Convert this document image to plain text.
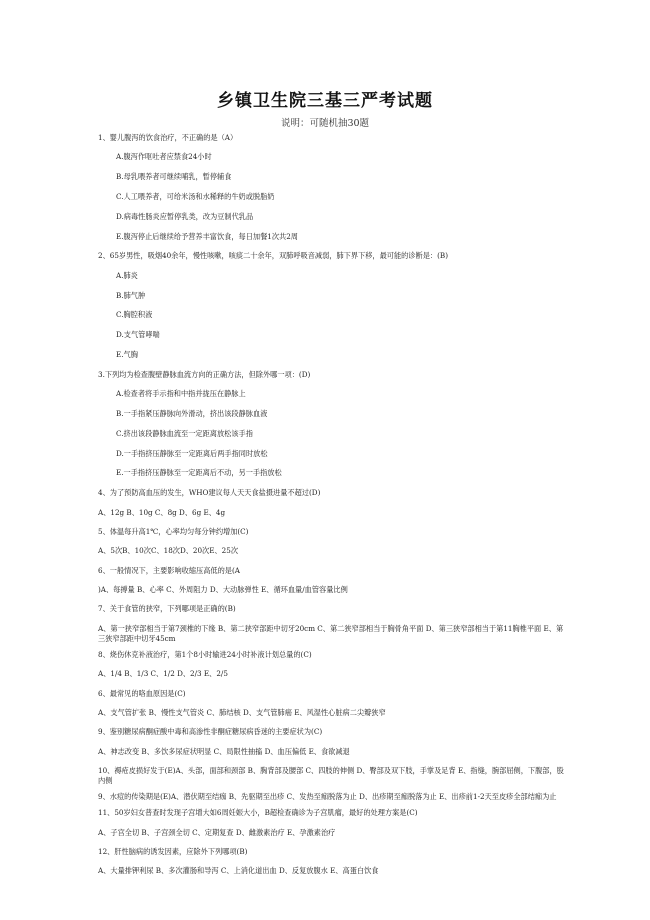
乡镇卫生院三基三严考试题
说明：可随机抽30题
1、婴儿腹泻的饮食治疗，不正确的是（A）
A.腹泻作呕吐者应禁食24小时
B.母乳喂养者可继续哺乳，暂停辅食
C.人工喂养者，可给米汤和水稀释的牛奶或脱脂奶
D.病毒性肠炎应暂停乳类，改为豆制代乳品
E.腹泻停止后继续给予营养丰富饮食，每日加餐1次共2周
2、65岁男性，吸烟40余年，慢性咳嗽，咳痰二十余年，双肺呼吸音减弱，肺下界下移，最可能的诊断是：(B)
A.肺炎
B.肺气肿
C.胸腔积液
D.支气管哮喘
E.气胸
3.下列均为检查腹壁静脉血流方向的正确方法，但除外哪一项：(D)
A.检查者将手示指和中指并拢压在静脉上
B.一手指紧压静脉向外滑动，挤出该段静脉血液
C.挤出该段静脉血流至一定距离放松该手指
D.一手指挤压静脉至一定距离后两手指同时放松
E.一手指挤压静脉至一定距离后不动，另一手指放松
4、为了预防高血压的发生，WHO建议每人天天食盐摄进量不超过(D)
A、12g B、10g C、8g D、6g E、4g
5、体温每升高1℃，心率均匀每分钟约增加(C)
A、5次B、10次C、18次D、20次E、25次
6、一般情况下，主要影响收缩压高低的是(A
)A、每搏量 B、心率 C、外周阻力 D、大动脉弹性 E、循环血量/血管容量比例
7、关于食管的狭窄，下列哪项是正确的(B)
A、第一狭窄部相当于第7颈椎的下缘 B、第二狭窄部距中切牙20cm C、第二狭窄部相当于胸骨角平面 D、第三狭窄部相当于第11胸椎平面 E、第三狭窄部距中切牙45cm
8、烧伤休克补液治疗，第1个8小时输进24小时补液计划总量的(C)
A、1/4 B、1/3 C、1/2 D、2/3 E、2/5
6、最常见的咯血原因是(C)
A、支气管扩张 B、慢性支气管炎 C、肺结核 D、支气管肺癌 E、风湿性心脏病二尖瓣狭窄
9、鉴别糖尿病酮症酸中毒和高渗性非酮症糖尿病昏迷的主要症状为(C)
A、神志改变 B、多饮多尿症状明显 C、局限性抽搐 D、血压偏低 E、食欲减退
10、褥疮皮损好发于(E)A、头部，面部和颈部 B、胸背部及腰部 C、四肢的伸侧 D、臀部及双下肢，手掌及足背 E、指缝，腕部屈侧，下腹部，股内侧
9、水痘的传染期是(E)A、潜伏期至结痂 B、先驱期至出疹 C、发热至痂脱落为止 D、出疹期至痂脱落为止 E、出疹前1-2天至皮疹全部结痂为止
11、50岁妇女普查时发现子宫增大如6周妊娠大小，B超检查确诊为子宫肌瘤，最好的处理方案是(C)
A、子宫全切 B、子宫颈全切 C、定期复查 D、雌激素治疗 E、孕激素治疗
12、肝性脑病的诱发因素，应除外下列哪项(B)
A、大量排钾利尿 B、多次灌肠和导泻 C、上消化道出血 D、反复放腹水 E、高蛋白饮食
